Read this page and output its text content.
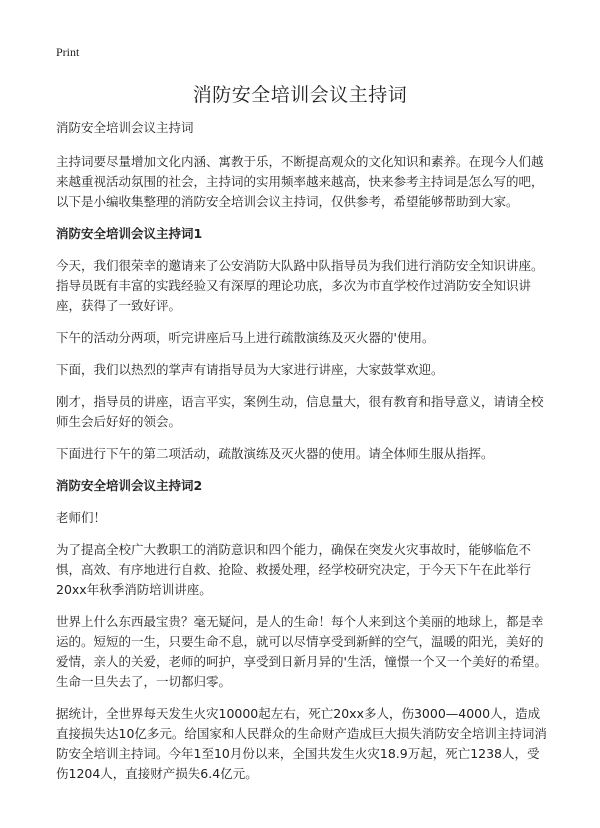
Print
消防安全培训会议主持词

消防安全培训会议主持词

主持词要尽量增加文化内涵、寓教于乐，不断提高观众的文化知识和素养。在现今人们越来越重视活动氛围的社会，主持词的实用频率越来越高，快来参考主持词是怎么写的吧，以下是小编收集整理的消防安全培训会议主持词，仅供参考，希望能够帮助到大家。

消防安全培训会议主持词1

今天，我们很荣幸的邀请来了公安消防大队路中队指导员为我们进行消防安全知识讲座。指导员既有丰富的实践经验又有深厚的理论功底，多次为市直学校作过消防安全知识讲座，获得了一致好评。

下午的活动分两项，听完讲座后马上进行疏散演练及灭火器的'使用。

下面，我们以热烈的掌声有请指导员为大家进行讲座，大家鼓掌欢迎。

刚才，指导员的讲座，语言平实，案例生动，信息量大，很有教育和指导意义，请请全校师生会后好好的领会。

下面进行下午的第二项活动，疏散演练及灭火器的使用。请全体师生服从指挥。

消防安全培训会议主持词2

老师们！

为了提高全校广大教职工的消防意识和四个能力，确保在突发火灾事故时，能够临危不惧，高效、有序地进行自救、抢险、救援处理，经学校研究决定，于今天下午在此举行20xx年秋季消防培训讲座。

世界上什么东西最宝贵？毫无疑问，是人的生命！每个人来到这个美丽的地球上，都是幸运的。短短的一生，只要生命不息，就可以尽情享受到新鲜的空气，温暖的阳光，美好的爱情，亲人的关爱，老师的呵护，享受到日新月异的'生活，憧憬一个又一个美好的希望。生命一旦失去了，一切都归零。

据统计，全世界每天发生火灾10000起左右，死亡20xx多人，伤3000—4000人，造成直接损失达10亿多元。给国家和人民群众的生命财产造成巨大损失消防安全培训主持词消防安全培训主持词。今年1至10月份以来，全国共发生火灾18.9万起，死亡1238人，受伤1204人，直接财产损失6.4亿元。
